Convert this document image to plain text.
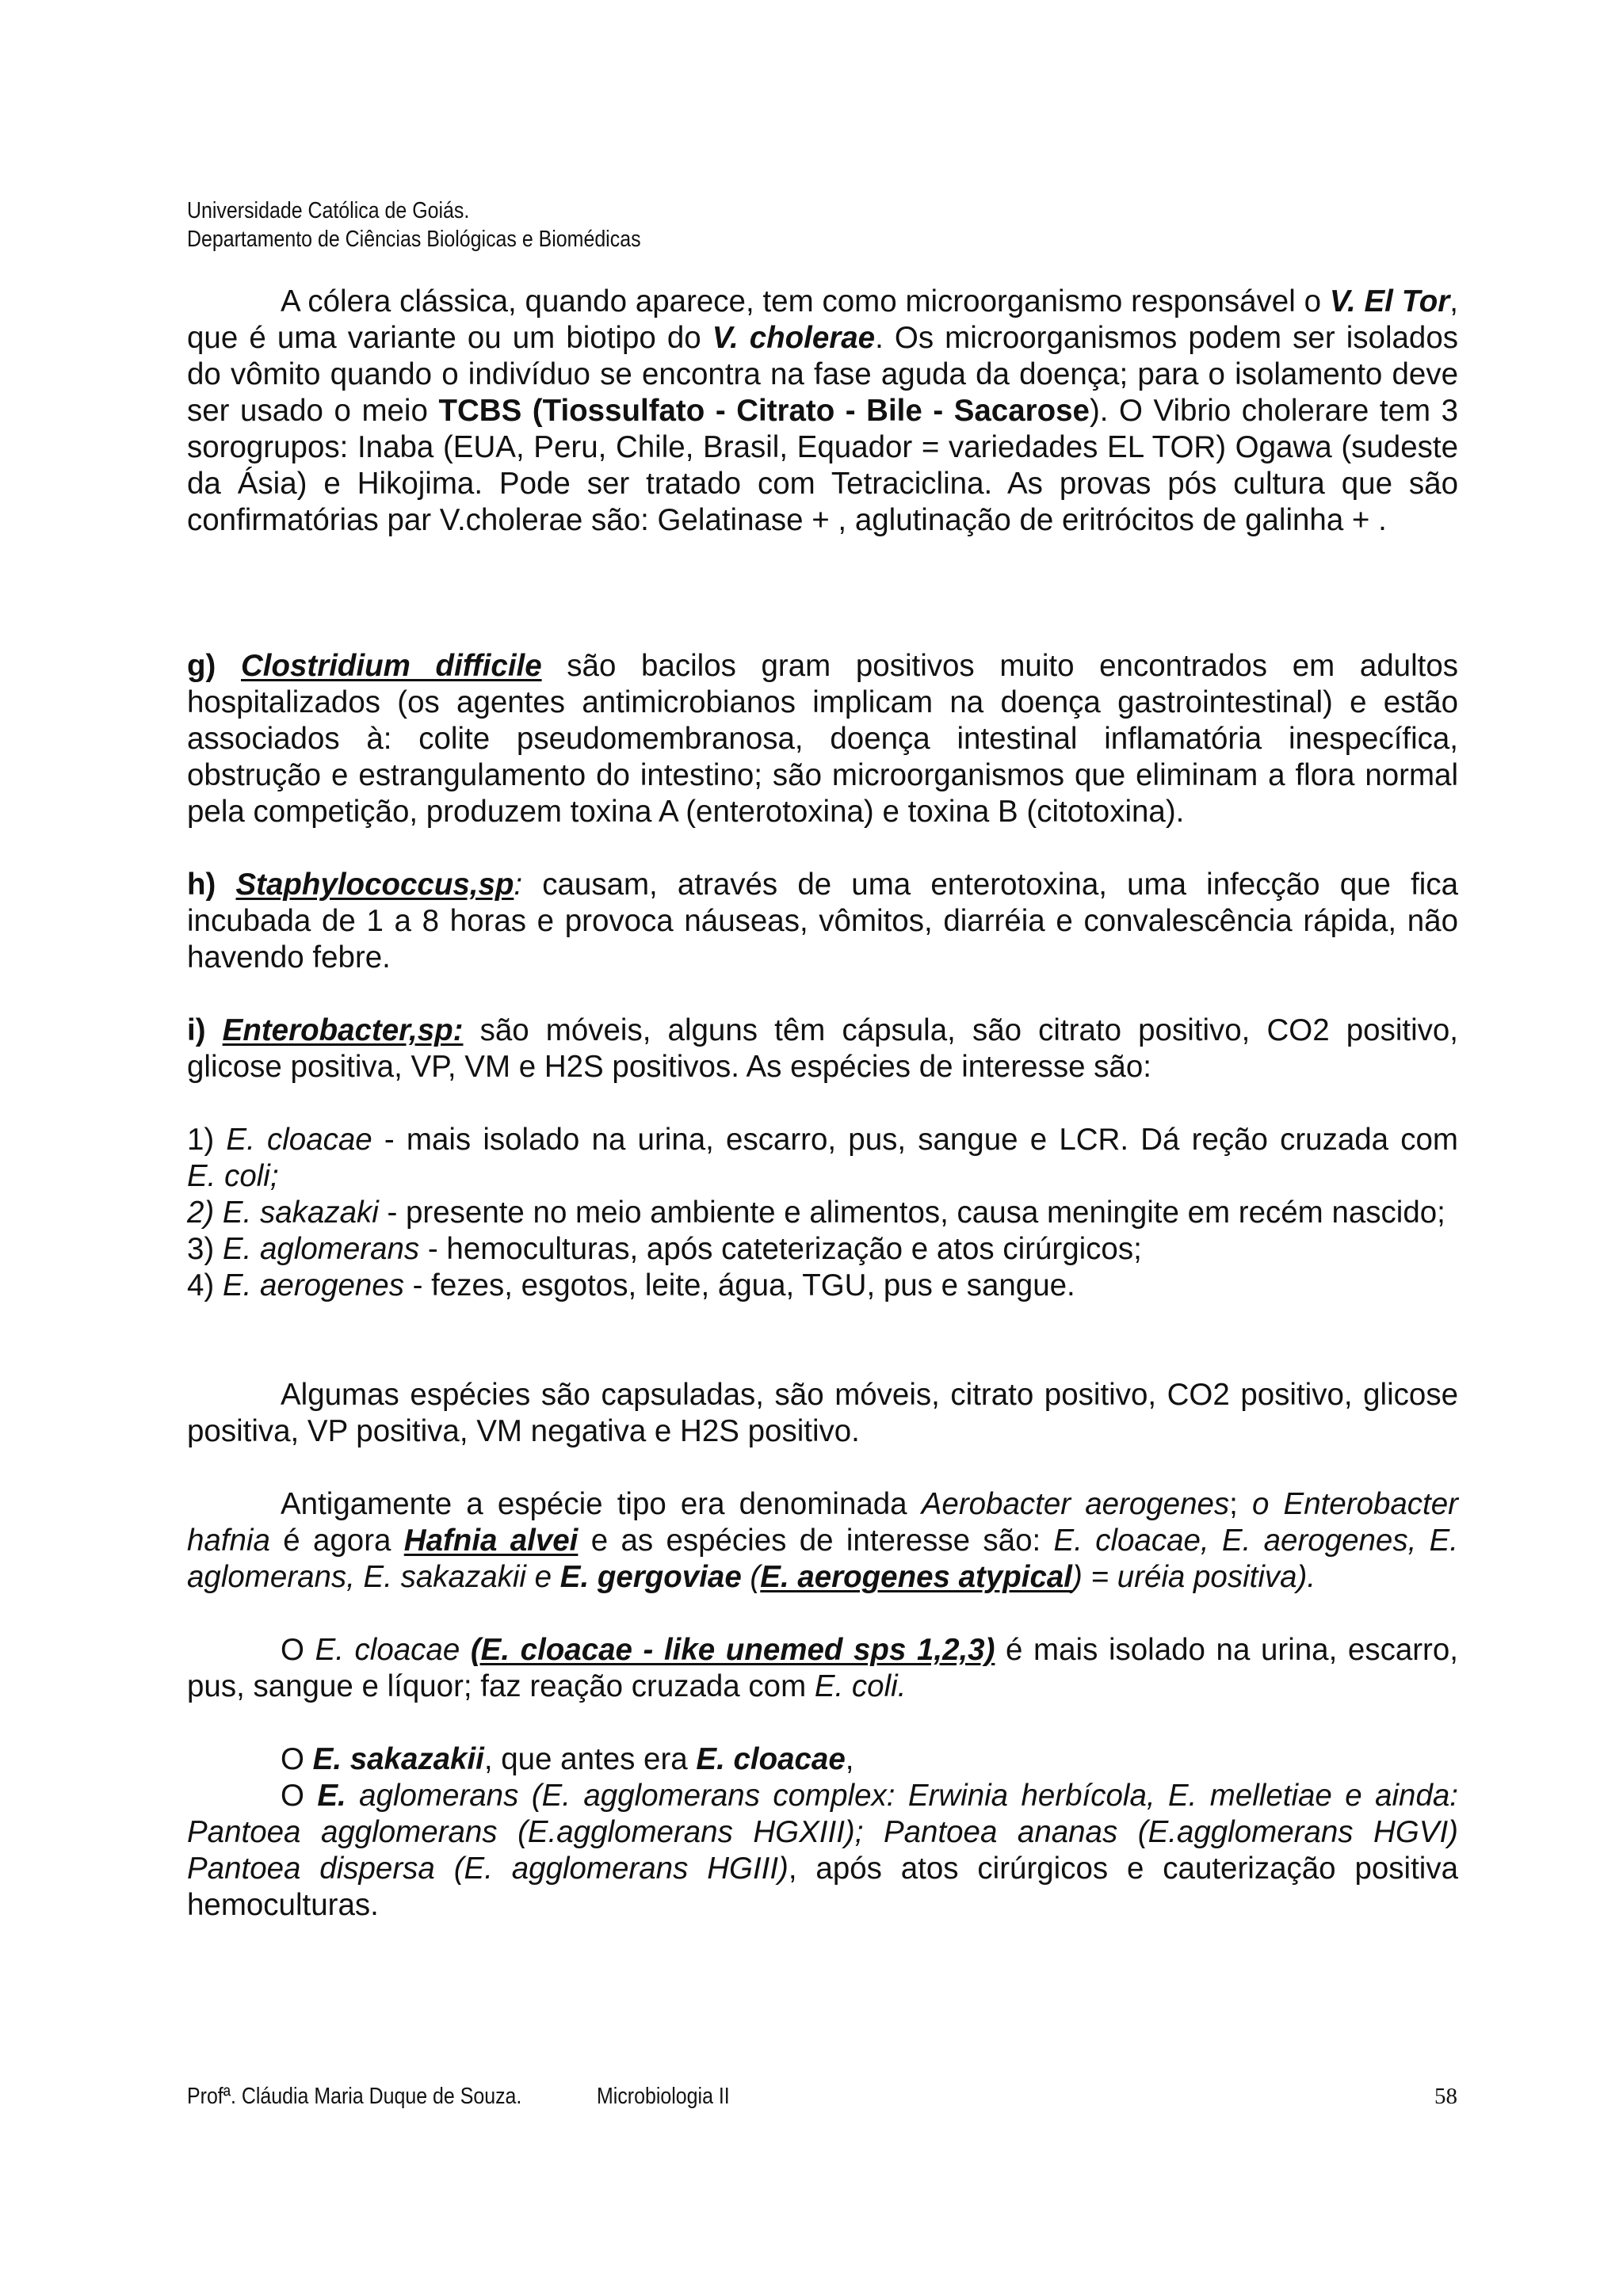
Universidade Católica de Goiás.
Departamento de Ciências Biológicas e Biomédicas

A cólera clássica, quando aparece, tem como microorganismo responsável o V. El Tor, que é uma variante ou um biotipo do V. cholerae. Os microorganismos podem ser isolados do vômito quando o indivíduo se encontra na fase aguda da doença; para o isolamento deve ser usado o meio TCBS (Tiossulfato - Citrato - Bile - Sacarose). O Vibrio cholerare tem 3 sorogrupos: Inaba (EUA, Peru, Chile, Brasil, Equador = variedades EL TOR) Ogawa (sudeste da Ásia) e Hikojima. Pode ser tratado com Tetraciclina. As provas pós cultura que são confirmatórias par V.cholerae são: Gelatinase + , aglutinação de eritrócitos de galinha + .

g) Clostridium difficile são bacilos gram positivos muito encontrados em adultos hospitalizados (os agentes antimicrobianos implicam na doença gastrointestinal) e estão associados à: colite pseudomembranosa, doença intestinal inflamatória inespecífica, obstrução e estrangulamento do intestino; são microorganismos que eliminam a flora normal pela competição, produzem toxina A (enterotoxina) e toxina B (citotoxina).

h) Staphylococcus,sp: causam, através de uma enterotoxina, uma infecção que fica incubada de 1 a 8 horas e provoca náuseas, vômitos, diarréia e convalescência rápida, não havendo febre.

i) Enterobacter,sp: são móveis, alguns têm cápsula, são citrato positivo, CO2 positivo, glicose positiva, VP, VM e H2S positivos. As espécies de interesse são:

1) E. cloacae - mais isolado na urina, escarro, pus, sangue e LCR. Dá reção cruzada com
E. coli;

2) E. sakazaki - presente no meio ambiente e alimentos, causa meningite em recém nascido;

3) E. aglomerans - hemoculturas, após cateterização e atos cirúrgicos;
4) E. aerogenes - fezes, esgotos, leite, água, TGU, pus e sangue.

Algumas espécies são capsuladas, são móveis, citrato positivo, CO2 positivo, glicose positiva, VP positiva, VM negativa e H2S positivo.

Antigamente a espécie tipo era denominada Aerobacter aerogenes; o Enterobacter hafnia é agora Hafnia alvei e as espécies de interesse são: E. cloacae, E. aerogenes, E. aglomerans, E. sakazakii e E. gergoviae (E. aerogenes atypical) = uréia positiva).

O E. cloacae (E. cloacae - like unemed sps 1,2,3) é mais isolado na urina, escarro, pus, sangue e líquor; faz reação cruzada com E. coli.

O E. sakazakii, que antes era E. cloacae,

O E. aglomerans (E. agglomerans complex: Erwinia herbícola, E. melletiae e ainda: Pantoea agglomerans (E.agglomerans HGXIII); Pantoea ananas (E.agglomerans HGVI) Pantoea dispersa (E. agglomerans HGIII), após atos cirúrgicos e cauterização positiva hemoculturas.

Profª. Cláudia Maria Duque de Souza.	Microbiologia II	58
